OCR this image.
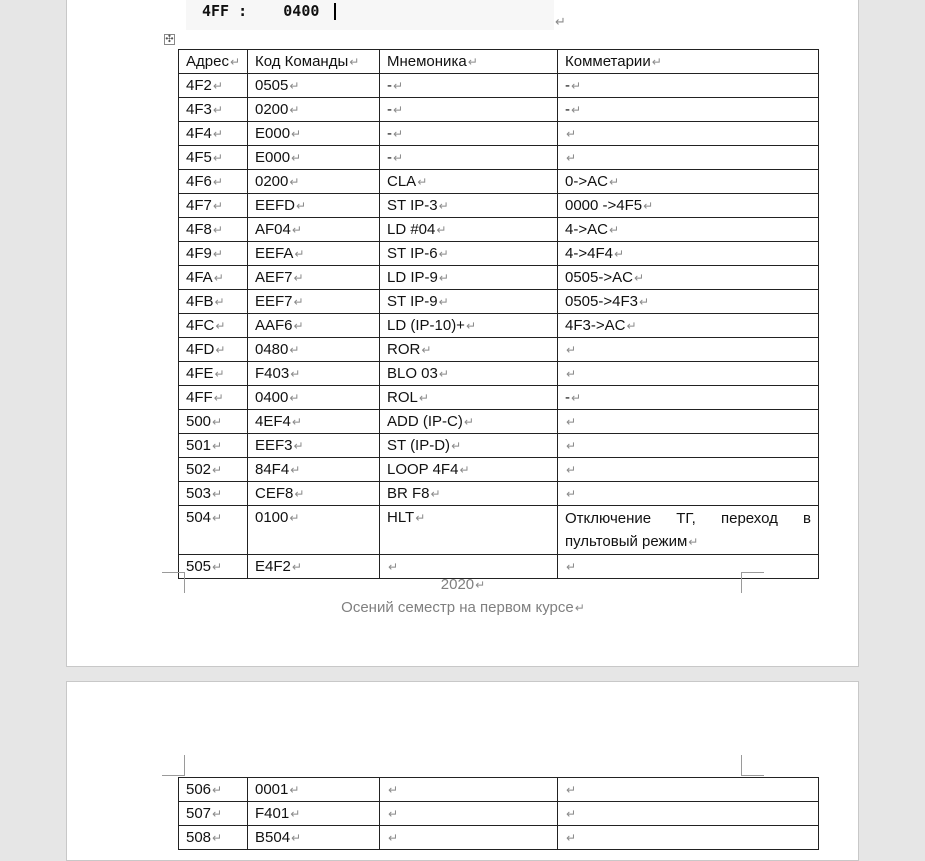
4FF : 0400
↵
✣
Адрес↵	Код Команды↵	Мнемоника↵	Комметарии↵
4F2↵	0505↵	-↵	-↵
4F3↵	0200↵	-↵	-↵
4F4↵	E000↵	-↵	↵
4F5↵	E000↵	-↵	↵
4F6↵	0200↵	CLA↵	0->AC↵
4F7↵	EEFD↵	ST IP-3↵	0000 ->4F5↵
4F8↵	AF04↵	LD #04↵	4->AC↵
4F9↵	EEFA↵	ST IP-6↵	4->4F4↵
4FA↵	AEF7↵	LD IP-9↵	0505->AC↵
4FB↵	EEF7↵	ST IP-9↵	0505->4F3↵
4FC↵	AAF6↵	LD (IP-10)+↵	4F3->AC↵
4FD↵	0480↵	ROR↵	↵
4FE↵	F403↵	BLO 03↵	↵
4FF↵	0400↵	ROL↵	-↵
500↵	4EF4↵	ADD (IP-C)↵	↵
501↵	EEF3↵	ST (IP-D)↵	↵
502↵	84F4↵	LOOP 4F4↵	↵
503↵	CEF8↵	BR F8↵	↵
504↵	0100↵	HLT↵	Отключение ТГ, переход в пультовый режим↵
505↵	E4F2↵	↵	↵
2020↵
Осений семестр на первом курсе↵
506↵	0001↵	↵	↵
507↵	F401↵	↵	↵
508↵	B504↵	↵	↵
